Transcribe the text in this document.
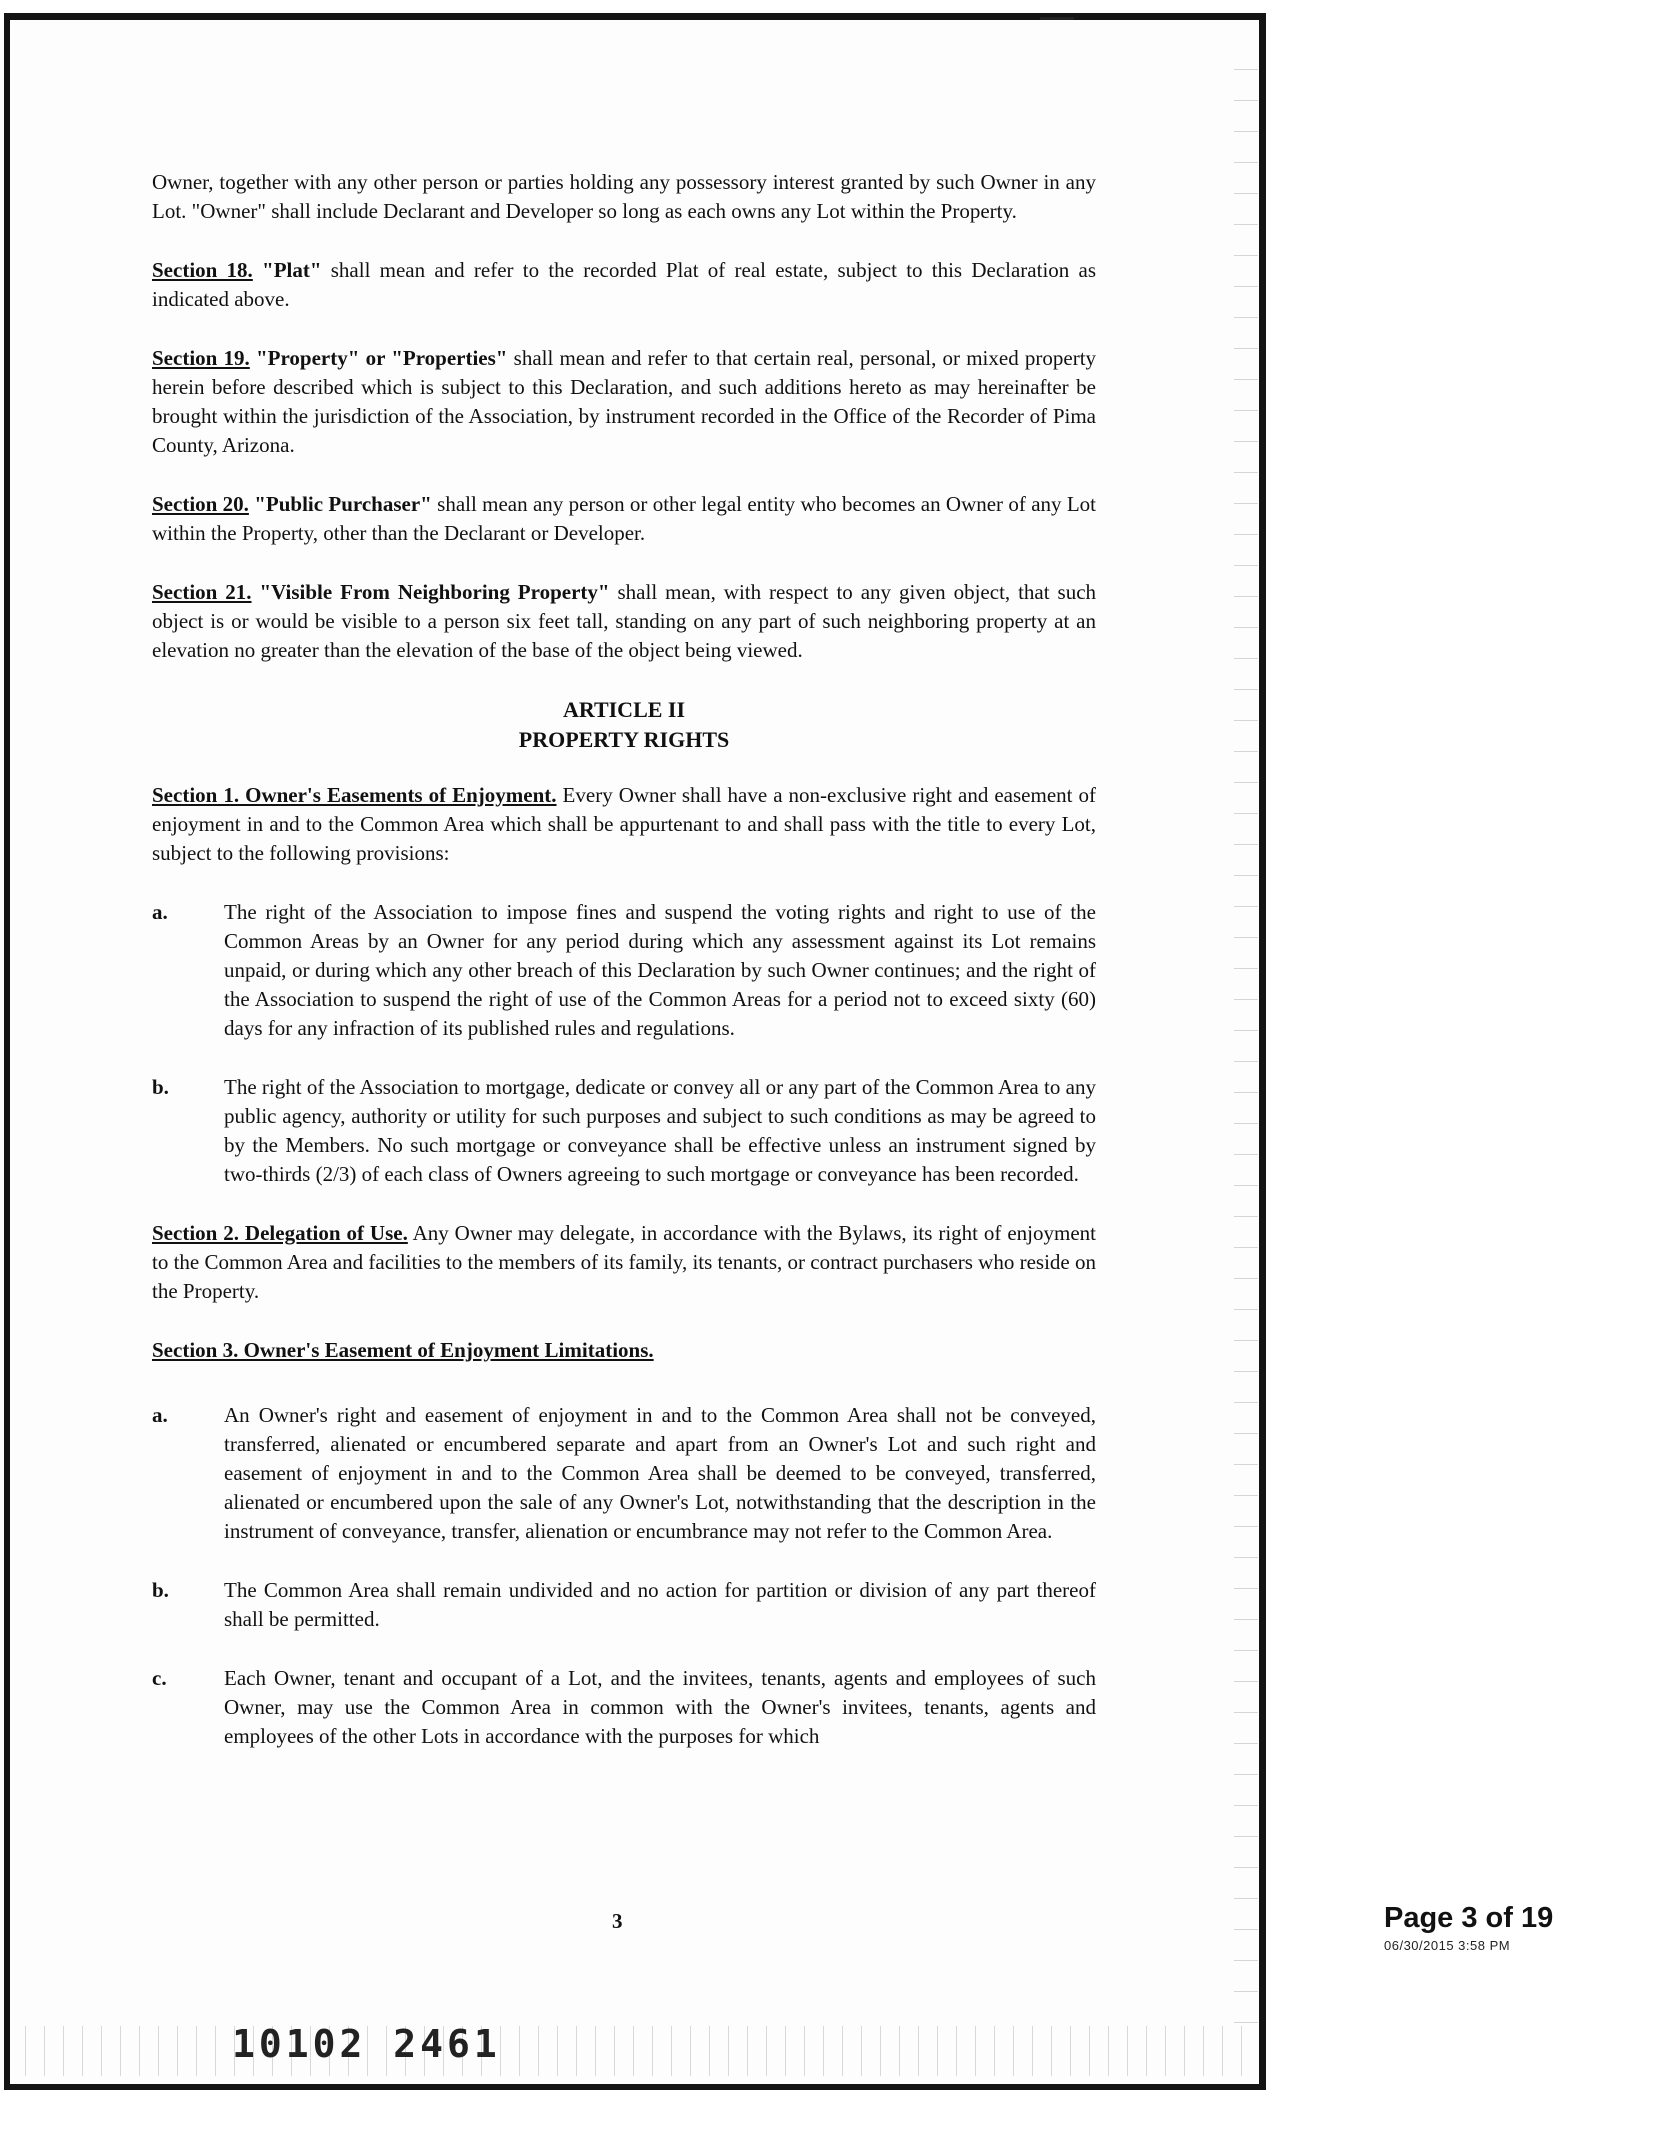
Owner, together with any other person or parties holding any possessory interest granted by such Owner in any Lot. "Owner" shall include Declarant and Developer so long as each owns any Lot within the Property.

Section 18. "Plat" shall mean and refer to the recorded Plat of real estate, subject to this Declaration as indicated above.

Section 19. "Property" or "Properties" shall mean and refer to that certain real, personal, or mixed property herein before described which is subject to this Declaration, and such additions hereto as may hereinafter be brought within the jurisdiction of the Association, by instrument recorded in the Office of the Recorder of Pima County, Arizona.

Section 20. "Public Purchaser" shall mean any person or other legal entity who becomes an Owner of any Lot within the Property, other than the Declarant or Developer.

Section 21. "Visible From Neighboring Property" shall mean, with respect to any given object, that such object is or would be visible to a person six feet tall, standing on any part of such neighboring property at an elevation no greater than the elevation of the base of the object being viewed.

ARTICLE II
PROPERTY RIGHTS

Section 1. Owner's Easements of Enjoyment. Every Owner shall have a non-exclusive right and easement of enjoyment in and to the Common Area which shall be appurtenant to and shall pass with the title to every Lot, subject to the following provisions:

a.	The right of the Association to impose fines and suspend the voting rights and right to use of the Common Areas by an Owner for any period during which any assessment against its Lot remains unpaid, or during which any other breach of this Declaration by such Owner continues; and the right of the Association to suspend the right of use of the Common Areas for a period not to exceed sixty (60) days for any infraction of its published rules and regulations.
b.	The right of the Association to mortgage, dedicate or convey all or any part of the Common Area to any public agency, authority or utility for such purposes and subject to such conditions as may be agreed to by the Members. No such mortgage or conveyance shall be effective unless an instrument signed by two-thirds (2/3) of each class of Owners agreeing to such mortgage or conveyance has been recorded.

Section 2. Delegation of Use. Any Owner may delegate, in accordance with the Bylaws, its right of enjoyment to the Common Area and facilities to the members of its family, its tenants, or contract purchasers who reside on the Property.

Section 3. Owner's Easement of Enjoyment Limitations.
a.	An Owner's right and easement of enjoyment in and to the Common Area shall not be conveyed, transferred, alienated or encumbered separate and apart from an Owner's Lot and such right and easement of enjoyment in and to the Common Area shall be deemed to be conveyed, transferred, alienated or encumbered upon the sale of any Owner's Lot, notwithstanding that the description in the instrument of conveyance, transfer, alienation or encumbrance may not refer to the Common Area.
b.	The Common Area shall remain undivided and no action for partition or division of any part thereof shall be permitted.
c.	Each Owner, tenant and occupant of a Lot, and the invitees, tenants, agents and employees of such Owner, may use the Common Area in common with the Owner's invitees, tenants, agents and employees of the other Lots in accordance with the purposes for which
3
10102 2461
Page 3 of 19
06/30/2015 3:58 PM
